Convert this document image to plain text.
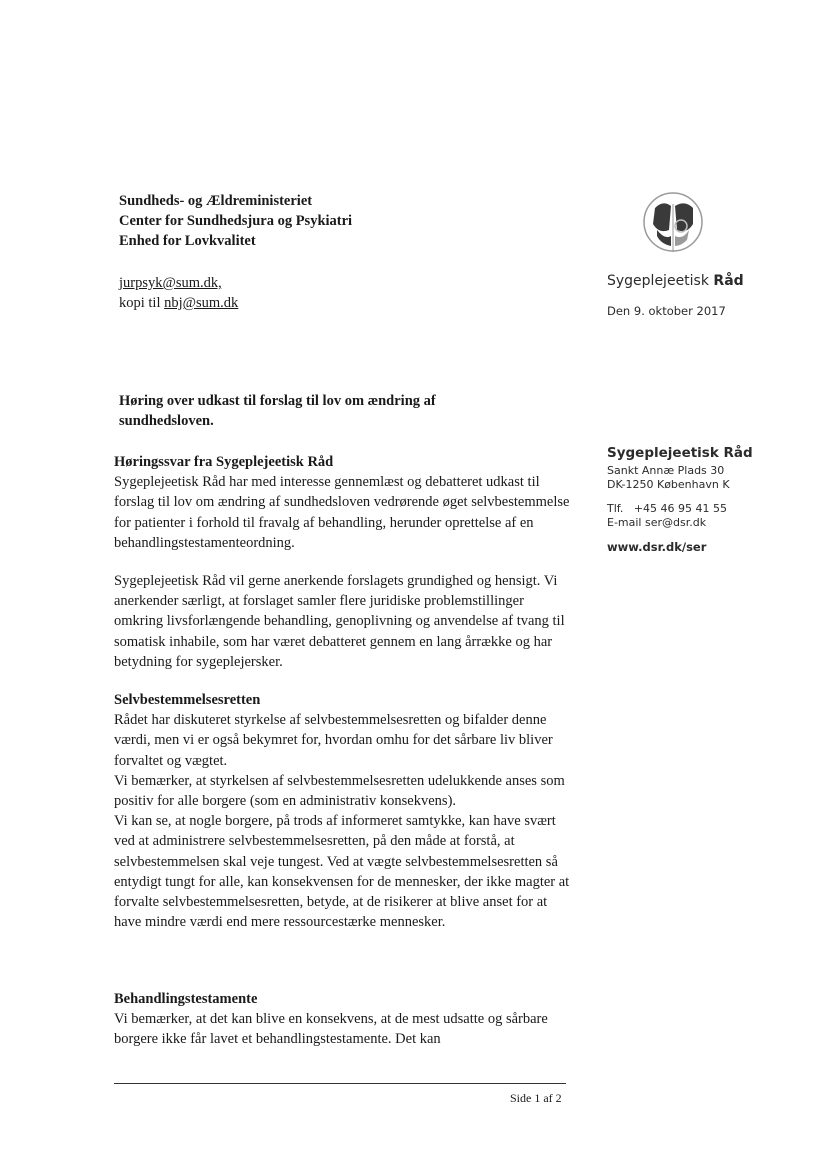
Sundheds- og Ældreministeriet
Center for Sundhedsjura og Psykiatri
Enhed for Lovkvalitet
jurpsyk@sum.dk,
kopi til nbj@sum.dk
Sygeplejeetisk Råd
Den 9. oktober 2017
Høring over udkast til forslag til lov om ændring af sundhedsloven.
Høringssvar fra Sygeplejeetisk Råd

Sygeplejeetisk Råd har med interesse gennemlæst og debatteret udkast til forslag til lov om ændring af sundhedsloven vedrørende øget selvbestemmelse for patienter i forhold til fravalg af behandling, herunder oprettelse af en behandlingstestamenteordning.

Sygeplejeetisk Råd vil gerne anerkende forslagets grundighed og hensigt. Vi anerkender særligt, at forslaget samler flere juridiske problemstillinger omkring livsforlængende behandling, genoplivning og anvendelse af tvang til somatisk inhabile, som har været debatteret gennem en lang årrække og har betydning for sygeplejersker.

Selvbestemmelsesretten

Rådet har diskuteret styrkelse af selvbestemmelsesretten og bifalder denne værdi, men vi er også bekymret for, hvordan omhu for det sårbare liv bliver forvaltet og vægtet.

Vi bemærker, at styrkelsen af selvbestemmelsesretten udelukkende anses som positiv for alle borgere (som en administrativ konsekvens).

Vi kan se, at nogle borgere, på trods af informeret samtykke, kan have svært ved at administrere selvbestemmelsesretten, på den måde at forstå, at selvbestemmelsen skal veje tungest. Ved at vægte selvbestemmelsesretten så entydigt tungt for alle, kan konsekvensen for de mennesker, der ikke magter at forvalte selvbestemmelsesretten, betyde, at de risikerer at blive anset for at have mindre værdi end mere ressourcestærke mennesker.

Behandlingstestamente

Vi bemærker, at det kan blive en konsekvens, at de mest udsatte og sårbare borgere ikke får lavet et behandlingstestamente. Det kan

Sygeplejeetisk Råd
Sankt Annæ Plads 30
DK-1250 København K
Tlf.   +45 46 95 41 55
E-mail ser@dsr.dk
www.dsr.dk/ser
Side 1 af 2
